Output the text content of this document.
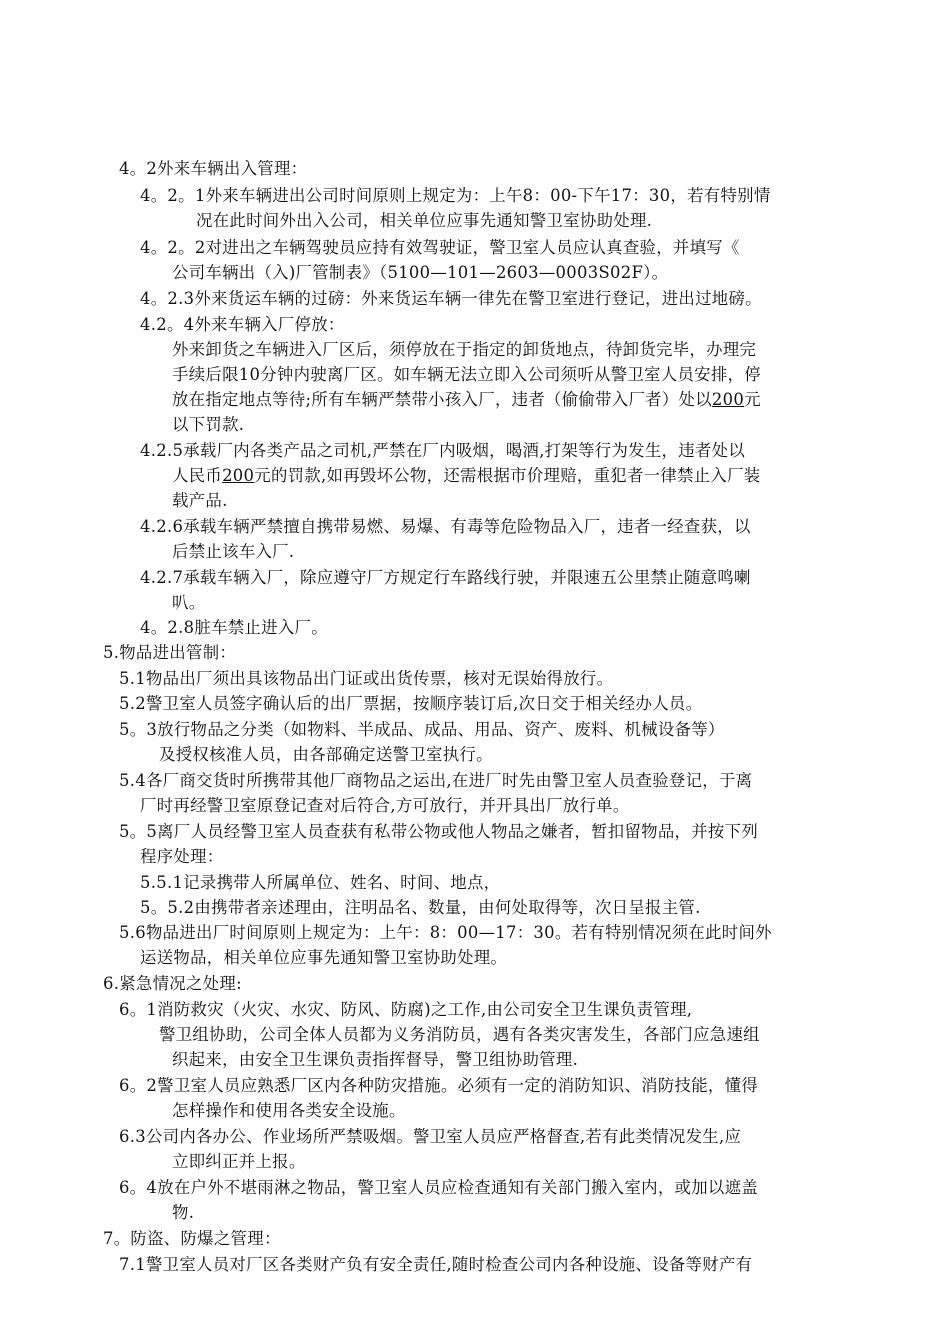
4。2外来车辆出入管理：
4。2。1外来车辆进出公司时间原则上规定为：上午8：00-下午17：30，若有特别情
况在此时间外出入公司，相关单位应事先通知警卫室协助处理.
4。2。2对进出之车辆驾驶员应持有效驾驶证，警卫室人员应认真查验，并填写《
公司车辆出（入)厂管制表》（5100—101—2603—0003S02F）。
4。2.3外来货运车辆的过磅：外来货运车辆一律先在警卫室进行登记，进出过地磅。
4.2。4外来车辆入厂停放：
外来卸货之车辆进入厂区后，须停放在于指定的卸货地点，待卸货完毕，办理完
手续后限10分钟内驶离厂区。如车辆无法立即入公司须听从警卫室人员安排，停
放在指定地点等待;所有车辆严禁带小孩入厂，违者（偷偷带入厂者）处以200元
以下罚款.
4.2.5承载厂内各类产品之司机,严禁在厂内吸烟，喝酒,打架等行为发生，违者处以
人民币200元的罚款,如再毁坏公物，还需根据市价理赔，重犯者一律禁止入厂装
载产品.
4.2.6承载车辆严禁擅自携带易燃、易爆、有毒等危险物品入厂，违者一经查获，以
后禁止该车入厂.
4.2.7承载车辆入厂，除应遵守厂方规定行车路线行驶，并限速五公里禁止随意鸣喇
叭。
4。2.8脏车禁止进入厂。
5.物品进出管制：
5.1物品出厂须出具该物品出门证或出货传票，核对无误始得放行。
5.2警卫室人员签字确认后的出厂票据，按顺序装订后,次日交于相关经办人员。
5。3放行物品之分类（如物料、半成品、成品、用品、资产、废料、机械设备等）
及授权核准人员，由各部确定送警卫室执行。
5.4各厂商交货时所携带其他厂商物品之运出,在进厂时先由警卫室人员查验登记，于离
厂时再经警卫室原登记查对后符合,方可放行，并开具出厂放行单。
5。5离厂人员经警卫室人员查获有私带公物或他人物品之嫌者，暂扣留物品，并按下列
程序处理：
5.5.1记录携带人所属单位、姓名、时间、地点，
5。5.2由携带者亲述理由，注明品名、数量，由何处取得等，次日呈报主管.
5.6物品进出厂时间原则上规定为：上午：8：00—17：30。若有特别情况须在此时间外
运送物品，相关单位应事先通知警卫室协助处理。
6.紧急情况之处理:
6。1消防救灾（火灾、水灾、防风、防腐)之工作,由公司安全卫生课负责管理,
警卫组协助，公司全体人员都为义务消防员，遇有各类灾害发生，各部门应急速组
织起来，由安全卫生课负责指挥督导，警卫组协助管理.
6。2警卫室人员应熟悉厂区内各种防灾措施。必须有一定的消防知识、消防技能，懂得
怎样操作和使用各类安全设施。
6.3公司内各办公、作业场所严禁吸烟。警卫室人员应严格督查,若有此类情况发生,应
立即纠正并上报。
6。4放在户外不堪雨淋之物品，警卫室人员应检查通知有关部门搬入室内，或加以遮盖
物.
7。防盗、防爆之管理：
7.1警卫室人员对厂区各类财产负有安全责任,随时检查公司内各种设施、设备等财产有
